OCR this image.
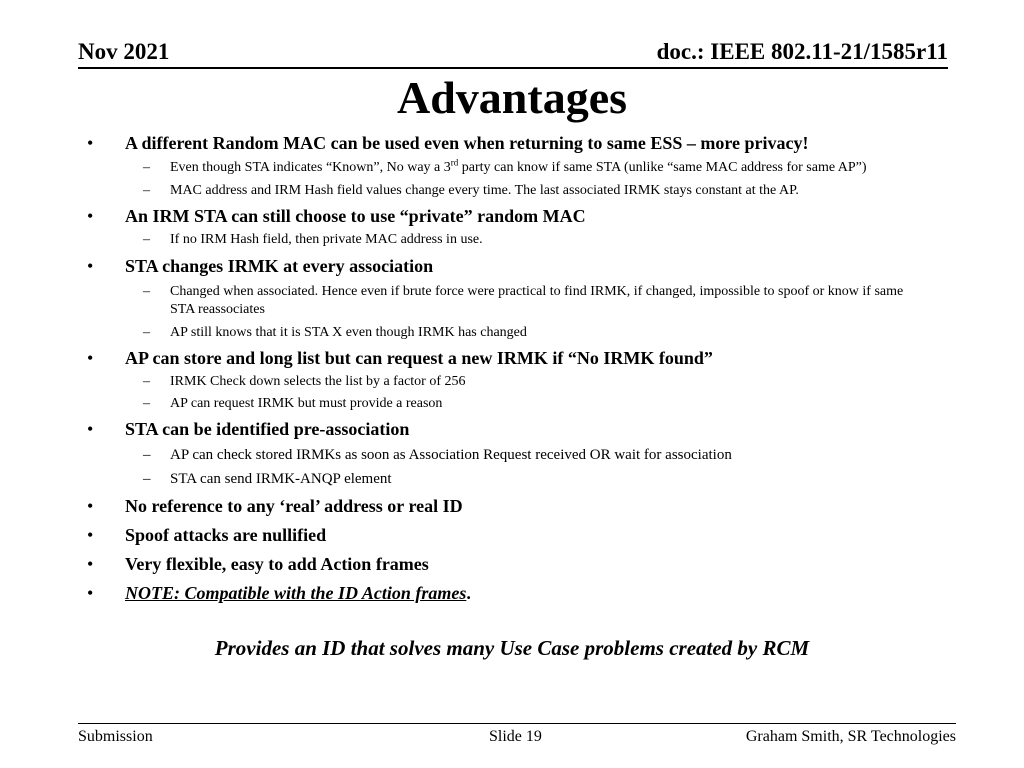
Nov 2021	doc.: IEEE 802.11-21/1585r11
Advantages
• A different Random MAC can be used even when returning to same ESS – more privacy!
– Even though STA indicates “Known”, No way a 3rd party can know if same STA (unlike “same MAC address for same AP”)
– MAC address and IRM Hash field values change every time. The last associated IRMK stays constant at the AP.
• An IRM STA can still choose to use “private” random MAC
– If no IRM Hash field, then private MAC address in use.
• STA changes IRMK at every association
– Changed when associated. Hence even if brute force were practical to find IRMK, if changed, impossible to spoof or know if same STA reassociates
– AP still knows that it is STA X even though IRMK has changed
• AP can store and long list but can request a new IRMK if “No IRMK found”
– IRMK Check down selects the list by a factor of 256
– AP can request IRMK but must provide a reason
• STA can be identified pre-association
– AP can check stored IRMKs as soon as Association Request received OR wait for association
– STA can send IRMK-ANQP element
• No reference to any ‘real’ address or real ID
• Spoof attacks are nullified
• Very flexible, easy to add Action frames
• NOTE: Compatible with the ID Action frames.
Provides an ID that solves many Use Case problems created by RCM
Submission	Slide 19	Graham Smith, SR Technologies
